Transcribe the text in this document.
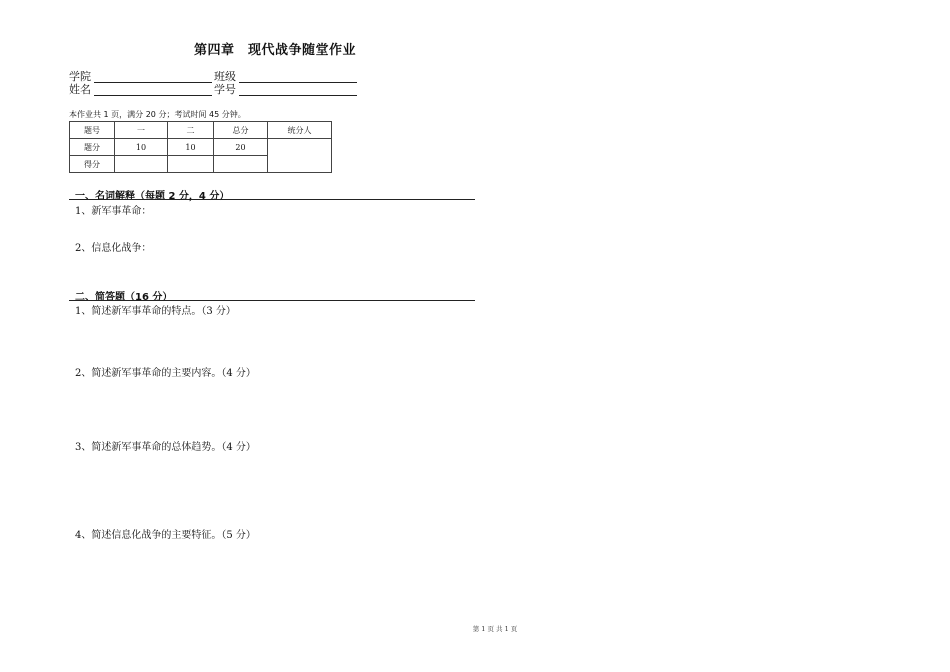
第四章　现代战争随堂作业
学院	班级
姓名	学号
本作业共 1 页，满分 20 分；考试时间 45 分钟。
题号	一	二	总分	统分人
题分	10	10	20	
得分				
一、名词解释（每题 2 分，4 分）
1、新军事革命：
2、信息化战争：
二、简答题（16 分）
1、简述新军事革命的特点。（3 分）
2、简述新军事革命的主要内容。（4 分）
3、简述新军事革命的总体趋势。（4 分）
4、简述信息化战争的主要特征。（5 分）
第 1 页 共 1 页
